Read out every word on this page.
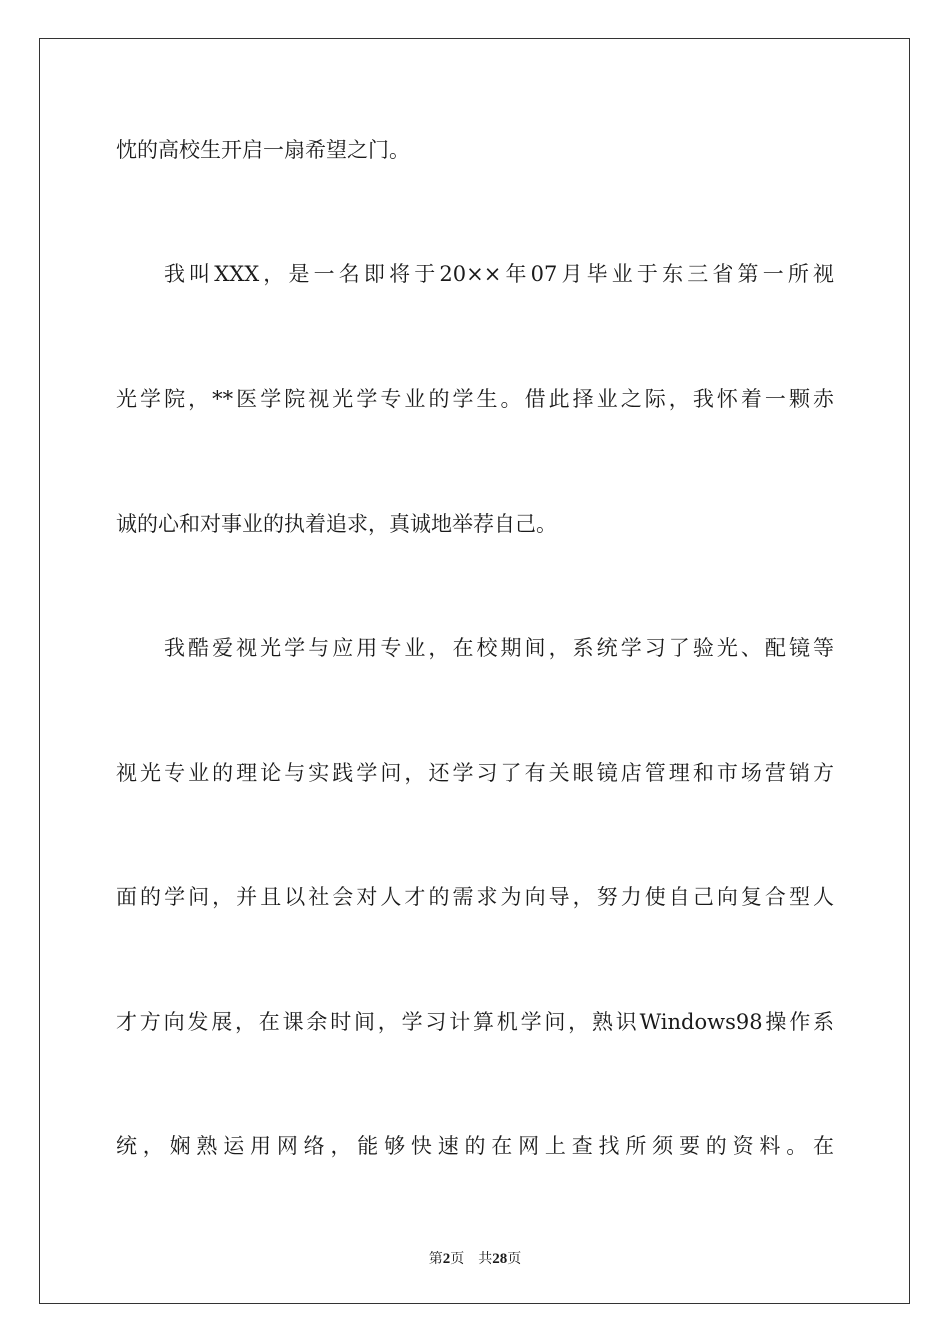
忱的高校生开启一扇希望之门。
我叫XXX，是一名即将于20××年07月毕业于东三省第一所视
光学院，**医学院视光学专业的学生。借此择业之际，我怀着一颗赤
诚的心和对事业的执着追求，真诚地举荐自己。
我酷爱视光学与应用专业，在校期间，系统学习了验光、配镜等
视光专业的理论与实践学问，还学习了有关眼镜店管理和市场营销方
面的学问，并且以社会对人才的需求为向导，努力使自己向复合型人
才方向发展，在课余时间，学习计算机学问，熟识Windows98操作系
统，娴熟运用网络，能够快速的在网上查找所须要的资料。在
第2页 共28页
